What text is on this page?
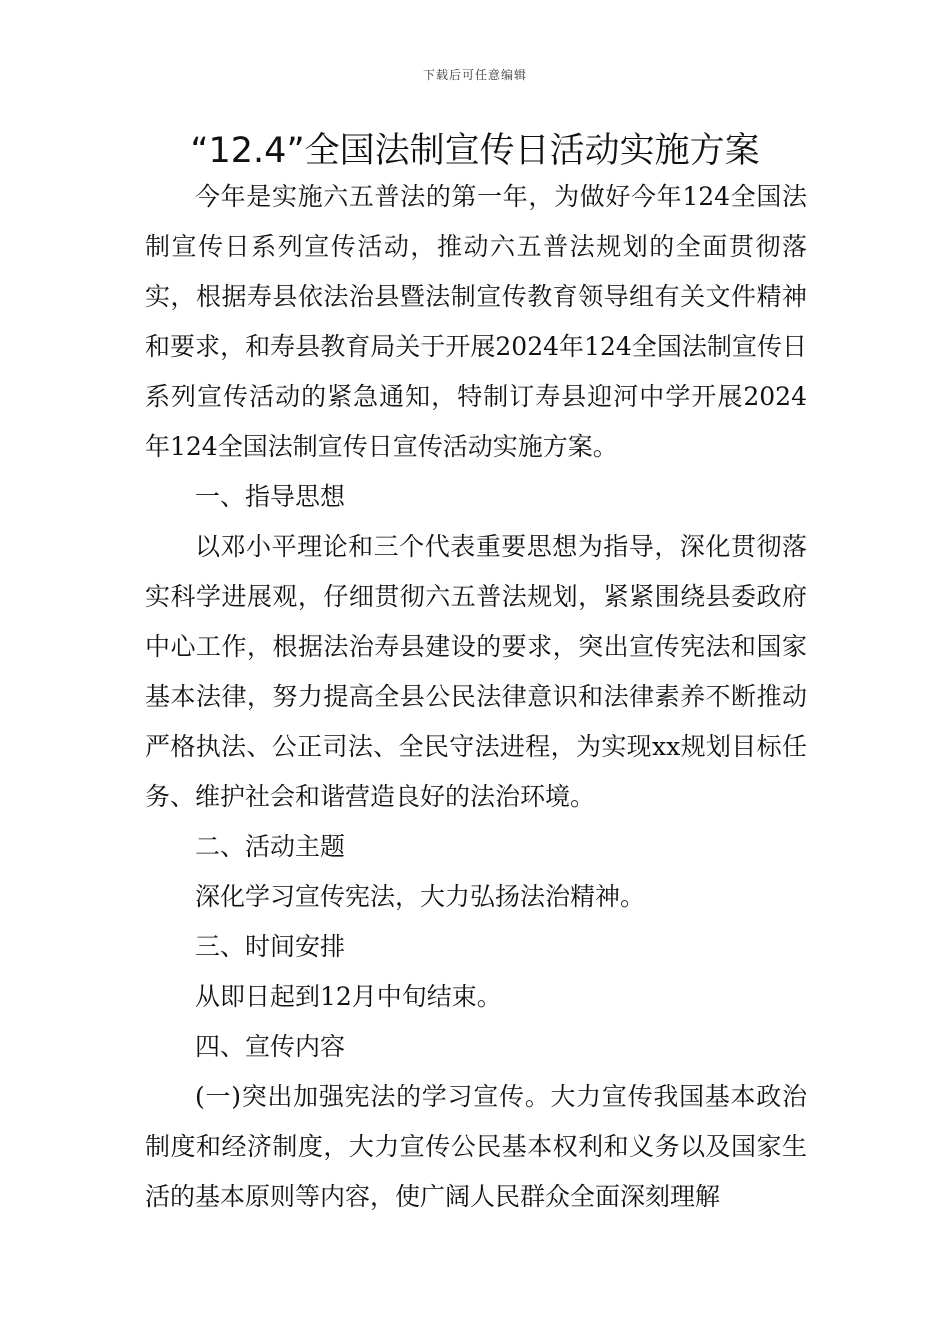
下载后可任意编辑
“12.4”全国法制宣传日活动实施方案

今年是实施六五普法的第一年，为做好今年124全国法制宣传日系列宣传活动，推动六五普法规划的全面贯彻落实，根据寿县依法治县暨法制宣传教育领导组有关文件精神和要求，和寿县教育局关于开展2024年124全国法制宣传日系列宣传活动的紧急通知，特制订寿县迎河中学开展2024年124全国法制宣传日宣传活动实施方案。

一、指导思想

以邓小平理论和三个代表重要思想为指导，深化贯彻落实科学进展观，仔细贯彻六五普法规划，紧紧围绕县委政府中心工作，根据法治寿县建设的要求，突出宣传宪法和国家基本法律，努力提高全县公民法律意识和法律素养不断推动严格执法、公正司法、全民守法进程，为实现xx规划目标任务、维护社会和谐营造良好的法治环境。

二、活动主题

深化学习宣传宪法，大力弘扬法治精神。

三、时间安排

从即日起到12月中旬结束。

四、宣传内容

(一)突出加强宪法的学习宣传。大力宣传我国基本政治制度和经济制度，大力宣传公民基本权利和义务以及国家生活的基本原则等内容，使广阔人民群众全面深刻理解
